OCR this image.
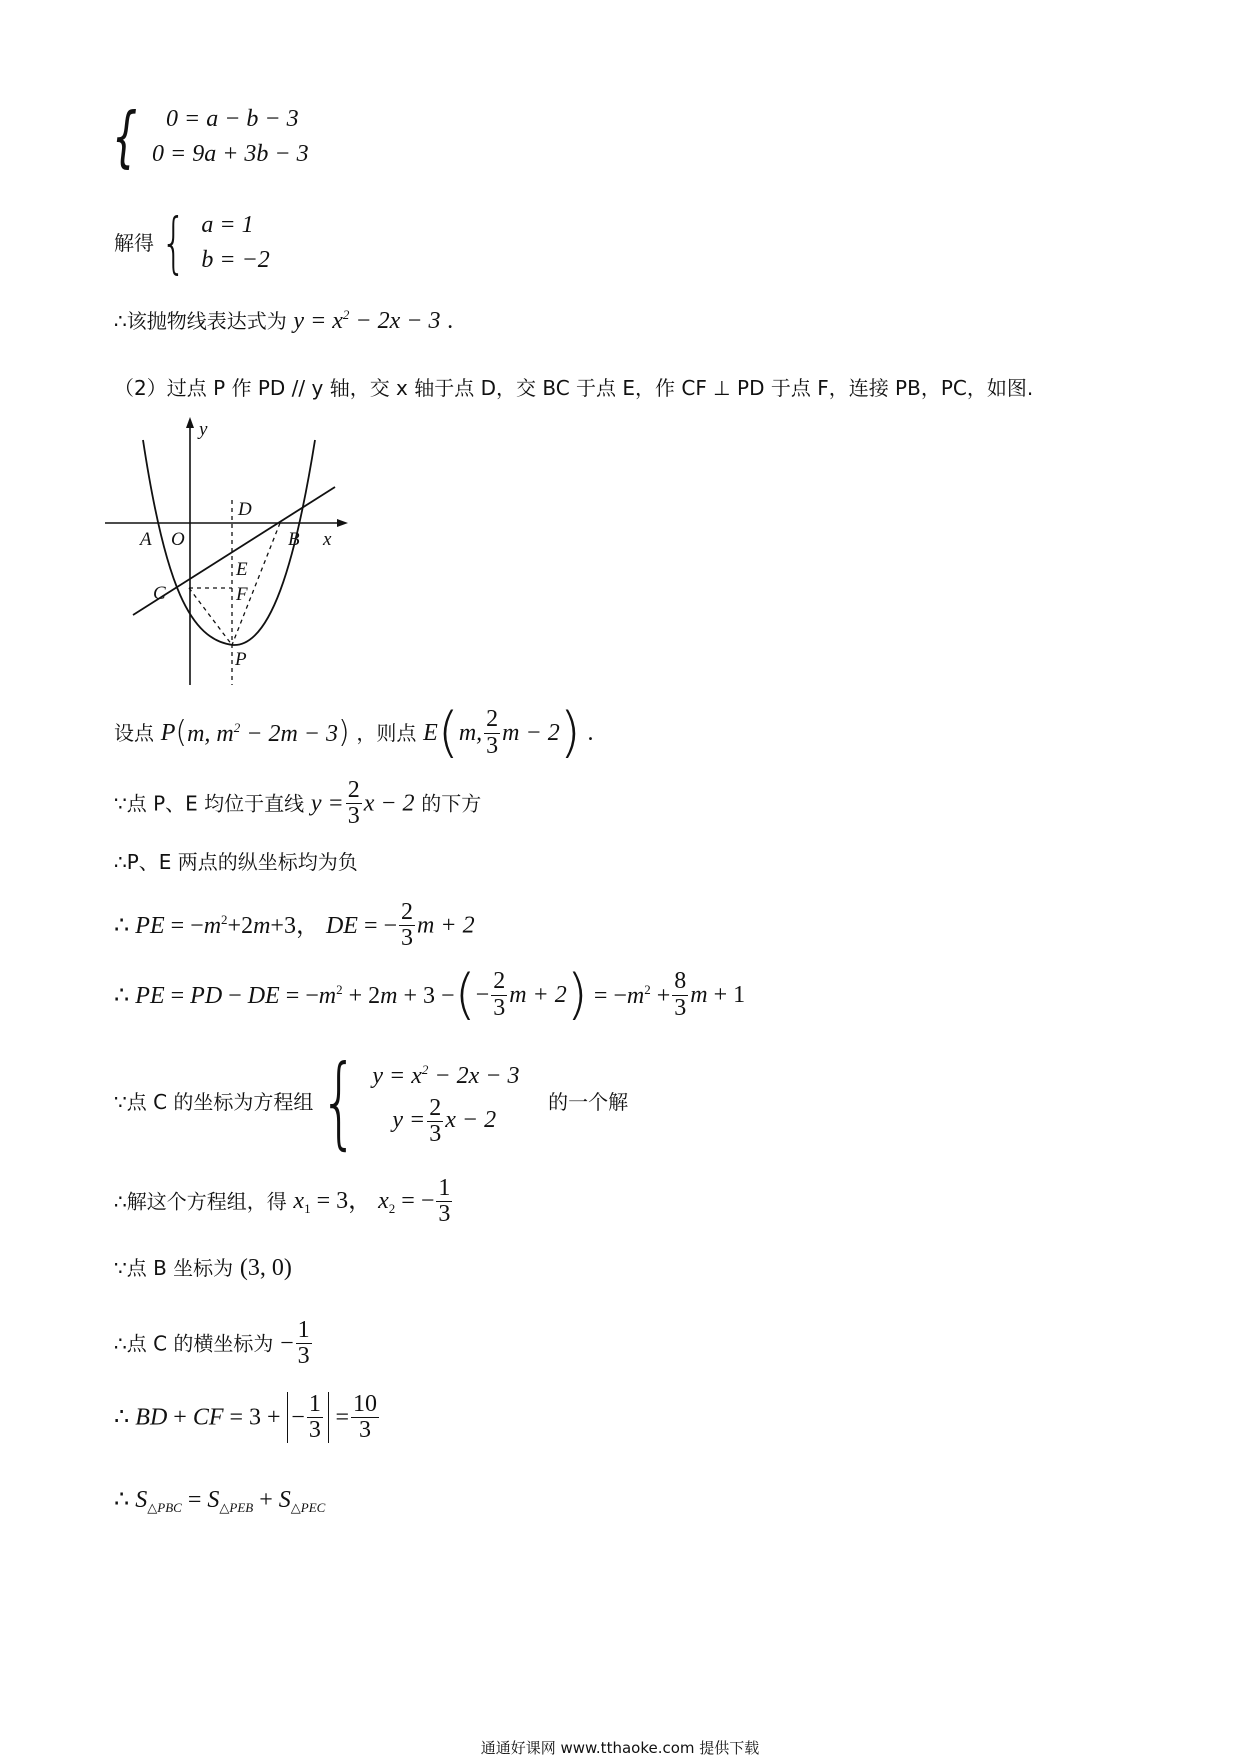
{	0 = a − b − 3
0 = 9a + 3b − 3
解得 { a = 1
b = −2
∴该抛物线表达式为 $y = x^2 - 2x - 3$ .
（2）过点 P 作 PD // y 轴，交 x 轴于点 D，交 BC 于点 E，作 CF ⊥ PD 于点 F，连接 PB，PC，如图.
y
x
A O
D
B
E
C	F
P
设点 P(m, $m^2 - 2m - 3$) ，则点 E(m, $\frac{2}{3}$ m − 2) .
∵点 P、E 均位于直线 $y = \frac{2}{3}$ x − 2 的下方
∴P、E 两点的纵坐标均为负
∴ PE = $-m^2+2m+3$， DE = − $\frac{2}{3}$ m + 2
∴ PE = PD − DE = $-m^2 + 2m + 3$ −(− $\frac{2}{3}$ $m + 2) = -m^2 + \frac{8}{3}$ m + 1
∵点 C 的坐标为方程组 { $y = x^2 - 2x - 3$
$y = \frac{2}{3}$ x − 2
的一个解
∴解这个方程组，得 $x_1 = 3$， $x_2$ = − $\frac{1}{3}$
∵点 B 坐标为 (3, 0)
∴点 C 的横坐标为 − $\frac{1}{3}$
∴ BD + CF = 3 + − $\frac{1}{3} = \frac{10}{3}$
∴ $S_{\triangle PBC} = S_{\triangle PEB} + S_{\triangle PEC}$
通通好课网 www.tthaoke.com 提供下载
